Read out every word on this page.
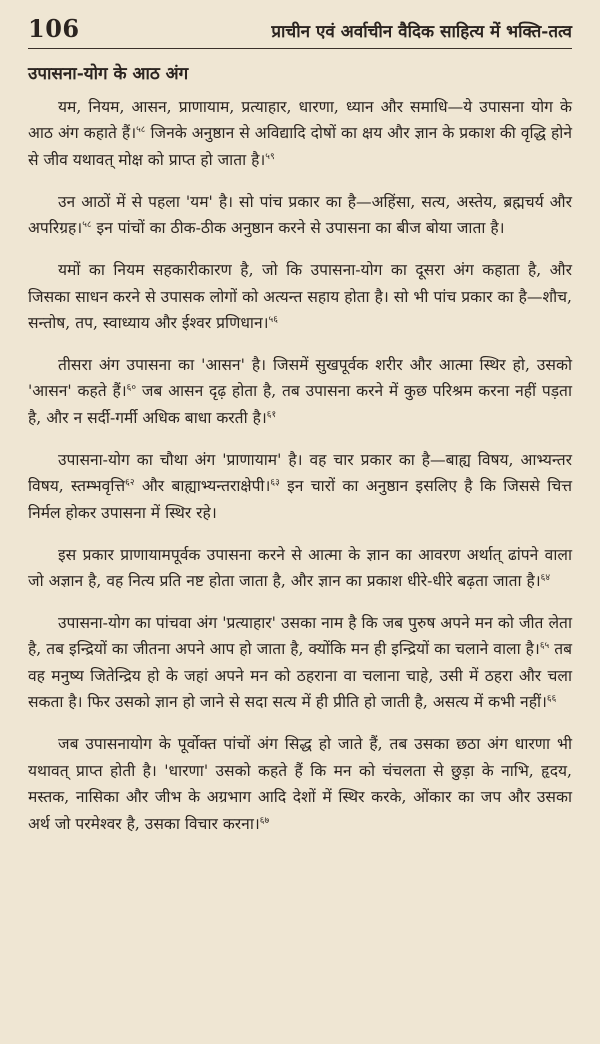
106	प्राचीन एवं अर्वाचीन वैदिक साहित्य में भक्ति-तत्व
उपासना-योग के आठ अंग

यम, नियम, आसन, प्राणायाम, प्रत्याहार, धारणा, ध्यान और समाधि—ये उपासना योग के आठ अंग कहाते हैं।$^{५८}$ जिनके अनुष्ठान से अविद्यादि दोषों का क्षय और ज्ञान के प्रकाश की वृद्धि होने से जीव यथावत् मोक्ष को प्राप्त हो जाता है।$^{५९}$

उन आठों में से पहला 'यम' है। सो पांच प्रकार का है—अहिंसा, सत्य, अस्तेय, ब्रह्मचर्य और अपरिग्रह।$^{५८}$ इन पांचों का ठीक-ठीक अनुष्ठान करने से उपासना का बीज बोया जाता है।

यमों का नियम सहकारीकारण है, जो कि उपासना-योग का दूसरा अंग कहाता है, और जिसका साधन करने से उपासक लोगों को अत्यन्त सहाय होता है। सो भी पांच प्रकार का है—शौच, सन्तोष, तप, स्वाध्याय और ईश्वर प्रणिधान।$^{५६}$

तीसरा अंग उपासना का 'आसन' है। जिसमें सुखपूर्वक शरीर और आत्मा स्थिर हो, उसको 'आसन' कहते हैं।$^{६०}$ जब आसन दृढ़ होता है, तब उपासना करने में कुछ परिश्रम करना नहीं पड़ता है, और न सर्दी-गर्मी अधिक बाधा करती है।$^{६१}$

उपासना-योग का चौथा अंग 'प्राणायाम' है। वह चार प्रकार का है—बाह्य विषय, आभ्यन्तर विषय, स्तम्भवृत्ति$^{६२}$ और बाह्याभ्यन्तराक्षेपी।$^{६३}$ इन चारों का अनुष्ठान इसलिए है कि जिससे चित्त निर्मल होकर उपासना में स्थिर रहे।

इस प्रकार प्राणायामपूर्वक उपासना करने से आत्मा के ज्ञान का आवरण अर्थात् ढांपने वाला जो अज्ञान है, वह नित्य प्रति नष्ट होता जाता है, और ज्ञान का प्रकाश धीरे-धीरे बढ़ता जाता है।$^{६४}$

उपासना-योग का पांचवा अंग 'प्रत्याहार' उसका नाम है कि जब पुरुष अपने मन को जीत लेता है, तब इन्द्रियों का जीतना अपने आप हो जाता है, क्योंकि मन ही इन्द्रियों का चलाने वाला है।$^{६५}$ तब वह मनुष्य जितेन्द्रिय हो के जहां अपने मन को ठहराना वा चलाना चाहे, उसी में ठहरा और चला सकता है। फिर उसको ज्ञान हो जाने से सदा सत्य में ही प्रीति हो जाती है, असत्य में कभी नहीं।$^{६६}$

जब उपासनायोग के पूर्वोक्त पांचों अंग सिद्ध हो जाते हैं, तब उसका छठा अंग धारणा भी यथावत् प्राप्त होती है। 'धारणा' उसको कहते हैं कि मन को चंचलता से छुड़ा के नाभि, हृदय, मस्तक, नासिका और जीभ के अग्रभाग आदि देशों में स्थिर करके, ओंकार का जप और उसका अर्थ जो परमेश्वर है, उसका विचार करना।$^{६७}$
